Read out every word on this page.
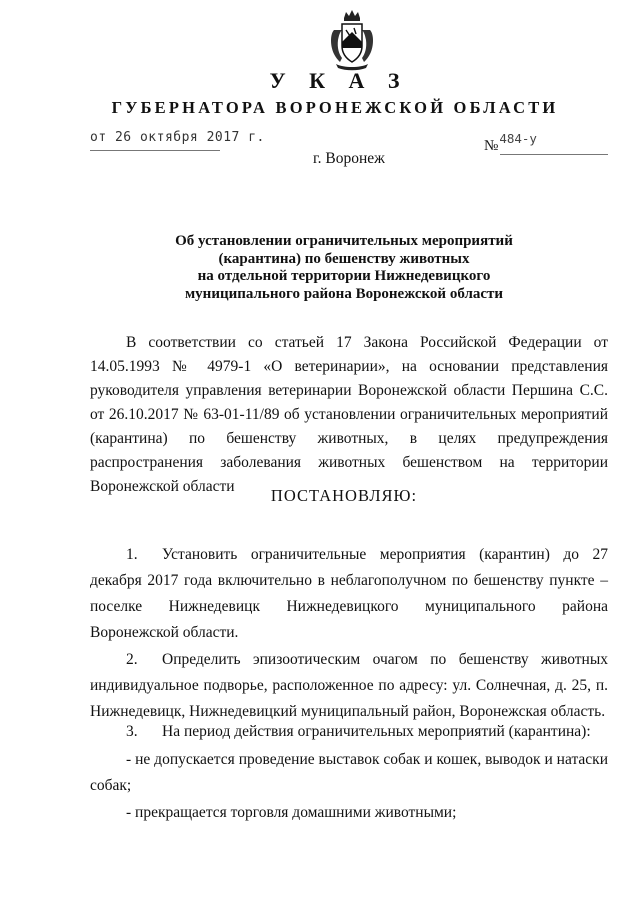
У К А З
ГУБЕРНАТОРА ВОРОНЕЖСКОЙ ОБЛАСТИ
от 26 октября 2017 г.
№$^{484-у}$
г. Воронеж
Об установлении ограничительных мероприятий
(карантина) по бешенству животных
на отдельной территории Нижнедевицкого
муниципального района Воронежской области
В соответствии со статьей 17 Закона Российской Федерации от 14.05.1993 № 4979-1 «О ветеринарии», на основании представления руководителя управления ветеринарии Воронежской области Першина С.С. от 26.10.2017 № 63-01-11/89 об установлении ограничительных мероприятий (карантина) по бешенству животных, в целях предупреждения распространения заболевания животных бешенством на территории Воронежской области	ПОСТАНОВЛЯЮ:
1. Установить ограничительные мероприятия (карантин) до 27 декабря 2017 года включительно в неблагополучном по бешенству пункте – поселке Нижнедевицк Нижнедевицкого муниципального района Воронежской области.
2. Определить эпизоотическим очагом по бешенству животных индивидуальное подворье, расположенное по адресу: ул. Солнечная, д. 25, п. Нижнедевицк, Нижнедевицкий муниципальный район, Воронежская область.
3. На период действия ограничительных мероприятий (карантина):
- не допускается проведение выставок собак и кошек, выводок и натаски собак;
- прекращается торговля домашними животными;
